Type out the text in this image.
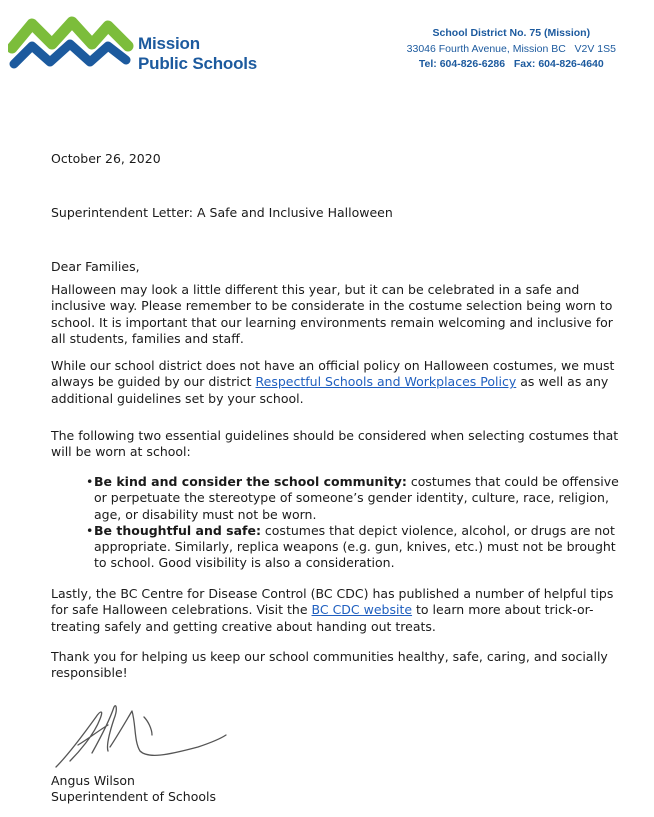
Mission
Public Schools
School District No. 75 (Mission)
33046 Fourth Avenue, Mission BC   V2V 1S5
Tel: 604-826-6286   Fax: 604-826-4640
October 26, 2020
Superintendent Letter: A Safe and Inclusive Halloween
Dear Families,
Halloween may look a little different this year, but it can be celebrated in a safe and inclusive way. Please remember to be considerate in the costume selection being worn to school. It is important that our learning environments remain welcoming and inclusive for all students, families and staff.
While our school district does not have an official policy on Halloween costumes, we must always be guided by our district Respectful Schools and Workplaces Policy as well as any additional guidelines set by your school.
The following two essential guidelines should be considered when selecting costumes that will be worn at school:
• Be kind and consider the school community: costumes that could be offensive or perpetuate the stereotype of someone’s gender identity, culture, race, religion, age, or disability must not be worn.
• Be thoughtful and safe: costumes that depict violence, alcohol, or drugs are not appropriate. Similarly, replica weapons (e.g. gun, knives, etc.) must not be brought to school. Good visibility is also a consideration.
Lastly, the BC Centre for Disease Control (BC CDC) has published a number of helpful tips for safe Halloween celebrations. Visit the BC CDC website to learn more about trick-or-treating safely and getting creative about handing out treats.
Thank you for helping us keep our school communities healthy, safe, caring, and socially responsible!
Angus Wilson
Superintendent of Schools
